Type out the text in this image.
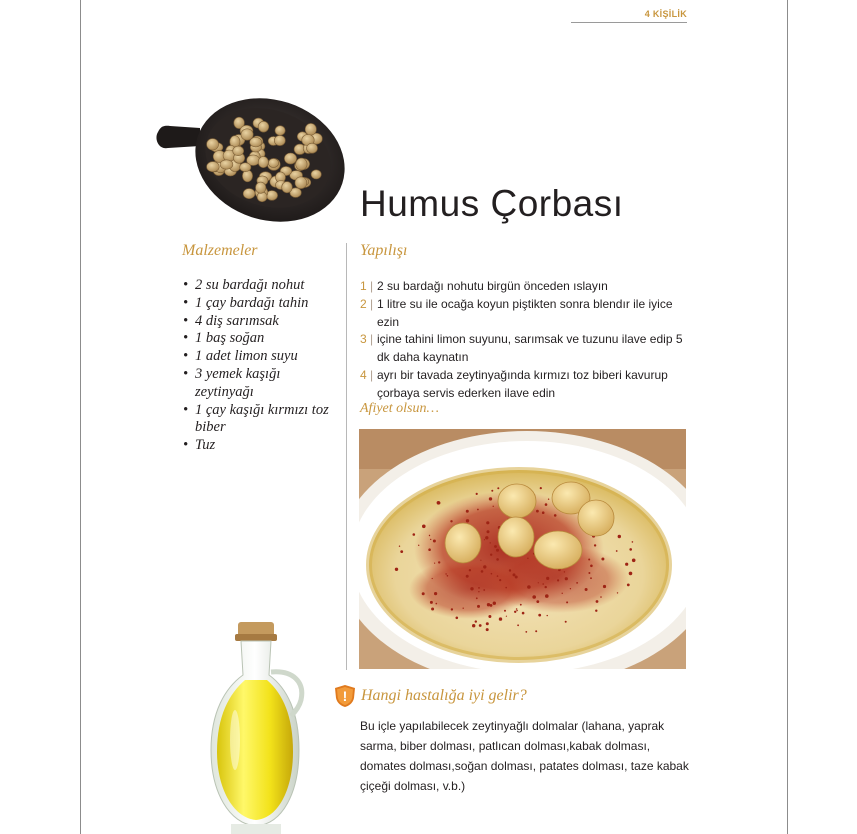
4 KİŞİLİK
Humus Çorbası
Malzemeler
• 2 su bardağı nohut
• 1 çay bardağı tahin
• 4 diş sarımsak
• 1 baş soğan
• 1 adet limon suyu
• 3 yemek kaşığı zeytinyağı
• 1 çay kaşığı kırmızı toz biber
• Tuz
Yapılışı
1 | 2 su bardağı nohutu birgün önceden ıslayın
2 | 1 litre su ile ocağa koyun piştikten sonra blendır ile iyice ezin
3 | içine tahini limon suyunu, sarımsak ve tuzunu ilave edip 5 dk daha kaynatın
4 | ayrı bir tavada zeytinyağında kırmızı toz biberi kavurup çorbaya servis ederken ilave edin

Afiyet olsun…

! Hangi hastalığa iyi gelir?

Bu içle yapılabilecek zeytinyağlı dolmalar (lahana, yaprak sarma, biber dolması, patlıcan dolması,kabak dolması, domates dolması,soğan dolması, patates dolması, taze kabak çiçeği dolması, v.b.)
